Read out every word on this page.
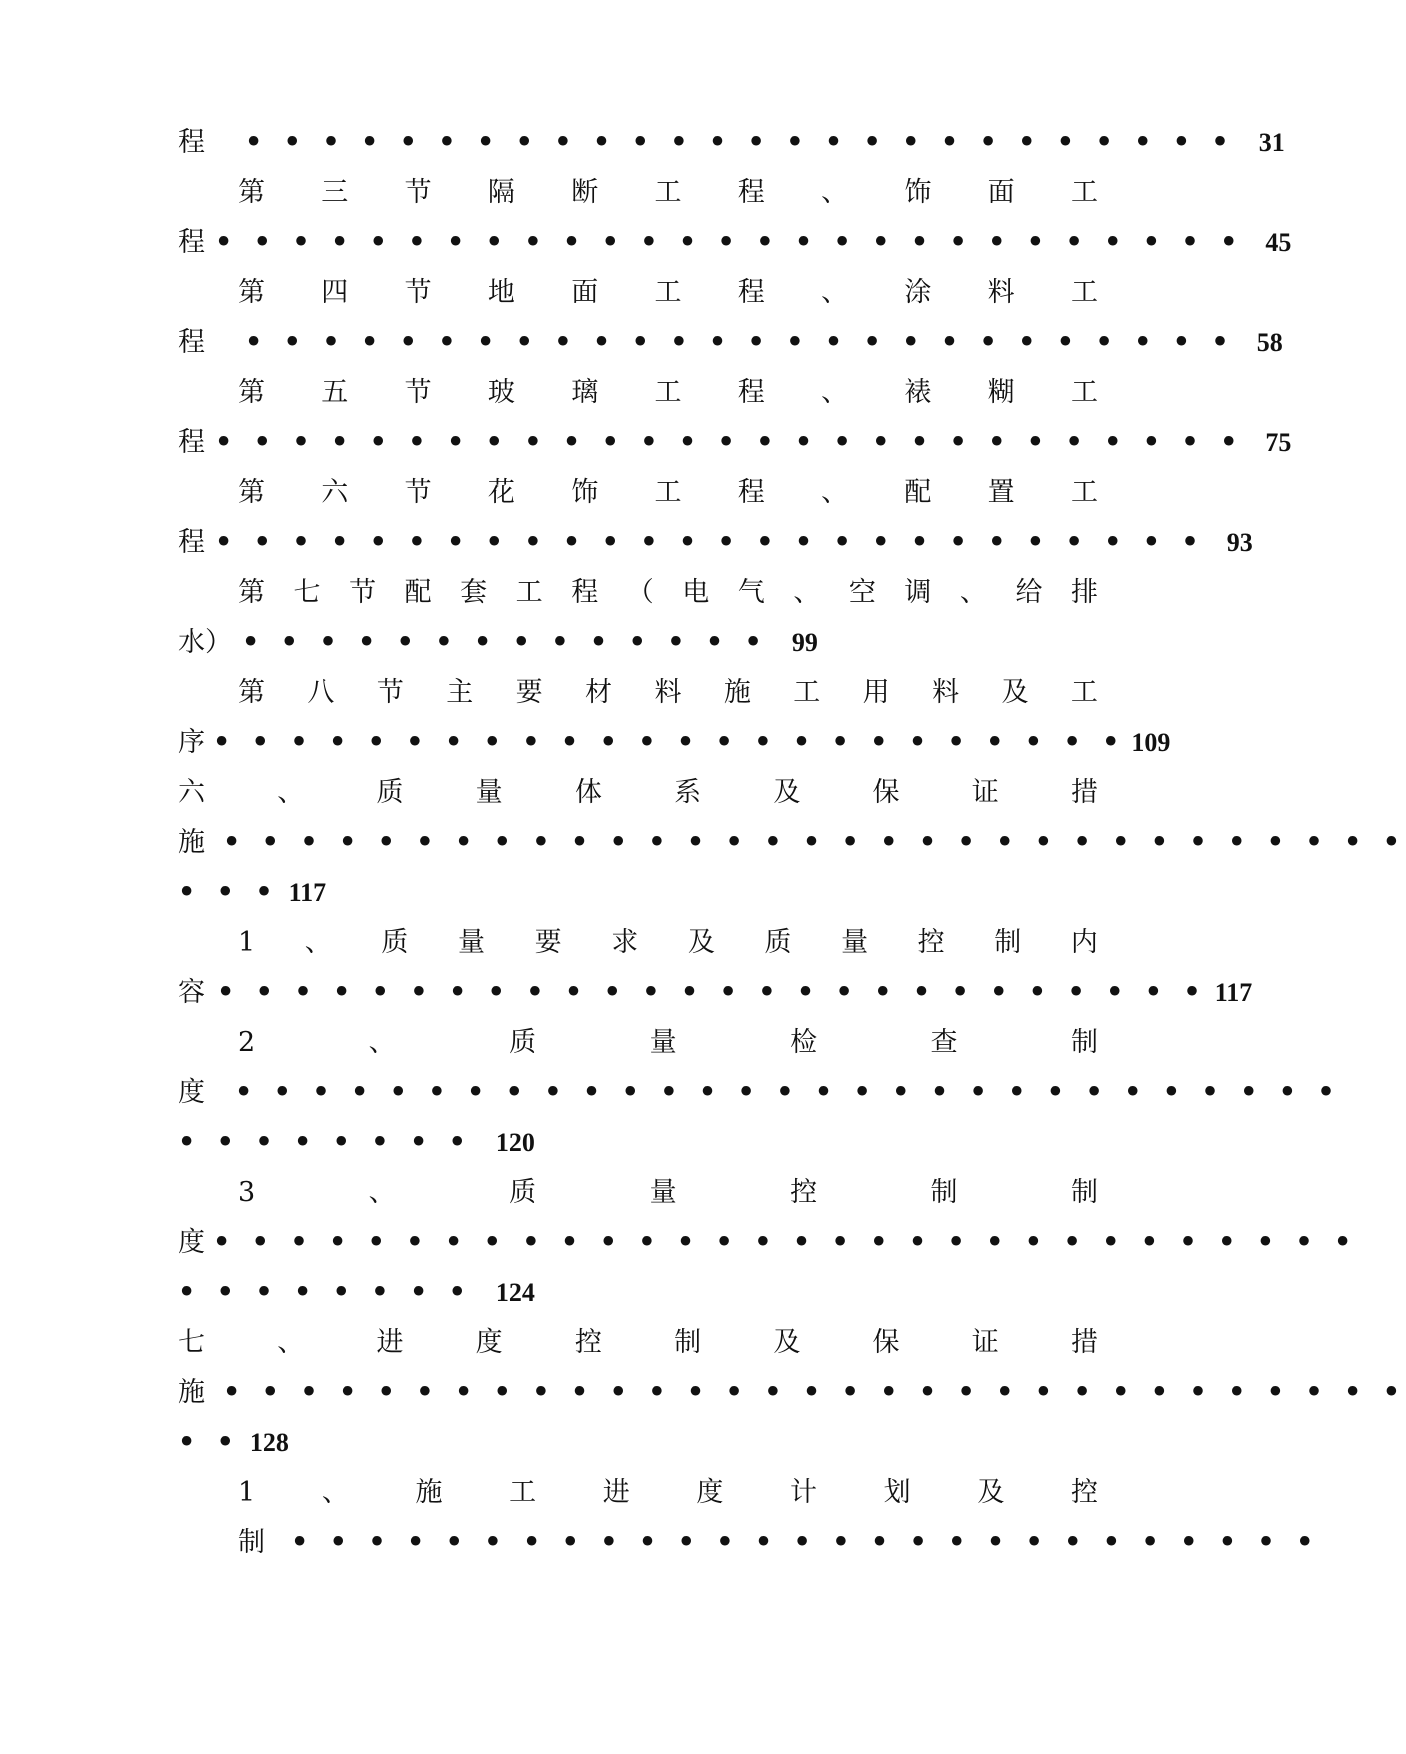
程 • • • • • • • • • • • • • • • • • • • • • • • • • • 31
第 三 节 隔 断 工 程 、 饰 面 工
程 • • • • • • • • • • • • • • • • • • • • • • • • • • • 45
第 四 节 地 面 工 程 、 涂 料 工
程 • • • • • • • • • • • • • • • • • • • • • • • • • • 58
第 五 节 玻 璃 工 程 、 裱 糊 工
程 • • • • • • • • • • • • • • • • • • • • • • • • • • • 75
第 六 节 花 饰 工 程 、 配 置 工
程 • • • • • • • • • • • • • • • • • • • • • • • • • • 93
第 七 节 配 套 工 程 （ 电 气 、 空 调 、 给 排
水） • • • • • • • • • • • • • • 99
第 八 节 主 要 材 料 施 工 用 料 及 工
序 • • • • • • • • • • • • • • • • • • • • • • • • 109
六	、	质	量	体	系	及	保	证	措
施 • • • • • • • • • • • • • • • • • • • • • • • • • • • • • • •
• • • 117
1 、 质 量 要 求 及 质 量 控 制 内
容 • • • • • • • • • • • • • • • • • • • • • • • • • • 117
2	、	质	量	检	查	制
度 • • • • • • • • • • • • • • • • • • • • • • • • • • • • •
• • • • • • • • 120
3	、	质	量	控	制	制
度 • • • • • • • • • • • • • • • • • • • • • • • • • • • • • •
• • • • • • • • 124
七	、	进	度	控	制	及	保	证	措
施 • • • • • • • • • • • • • • • • • • • • • • • • • • • • • • •
• • 128
1 、 施 工 进 度 计 划 及 控
制 • • • • • • • • • • • • • • • • • • • • • • • • • • •
